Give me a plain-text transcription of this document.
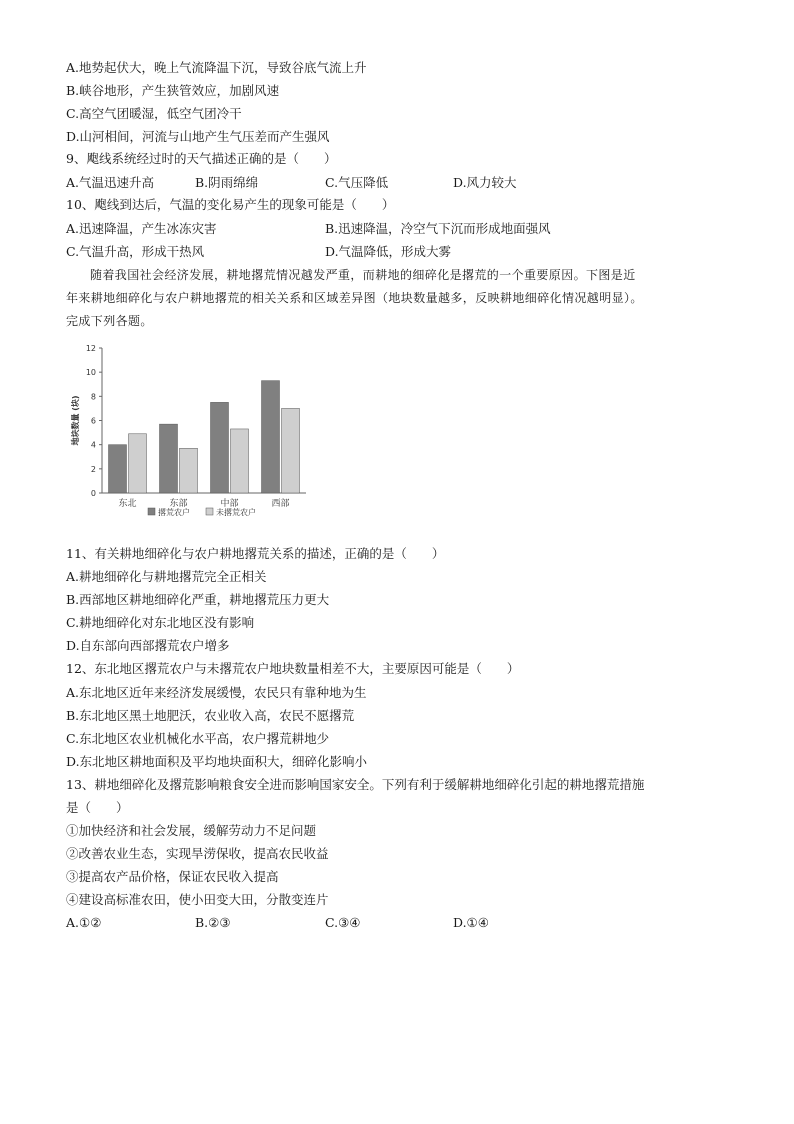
A.地势起伏大，晚上气流降温下沉，导致谷底气流上升
B.峡谷地形，产生狭管效应，加剧风速
C.高空气团暖湿，低空气团冷干
D.山河相间，河流与山地产生气压差而产生强风
9、飑线系统经过时的天气描述正确的是（　　）
A.气温迅速升高	B.阴雨绵绵	C.气压降低	D.风力较大
10、飑线到达后，气温的变化易产生的现象可能是（　　）
A.迅速降温，产生冰冻灾害	B.迅速降温，冷空气下沉而形成地面强风
C.气温升高，形成干热风	D.气温降低，形成大雾

随着我国社会经济发展，耕地撂荒情况越发严重，而耕地的细碎化是撂荒的一个重要原因。下图是近

年来耕地细碎化与农户耕地撂荒的相关关系和区域差异图（地块数量越多，反映耕地细碎化情况越明显）。

完成下列各题。

0
2
4
6
8
10
12
地块数量 (块)
东北	东部	中部	西部
撂荒农户	未撂荒农户
11、有关耕地细碎化与农户耕地撂荒关系的描述，正确的是（　　）
A.耕地细碎化与耕地撂荒完全正相关
B.西部地区耕地细碎化严重，耕地撂荒压力更大
C.耕地细碎化对东北地区没有影响
D.自东部向西部撂荒农户增多
12、东北地区撂荒农户与未撂荒农户地块数量相差不大，主要原因可能是（　　）
A.东北地区近年来经济发展缓慢，农民只有靠种地为生
B.东北地区黑土地肥沃，农业收入高，农民不愿撂荒
C.东北地区农业机械化水平高，农户撂荒耕地少
D.东北地区耕地面积及平均地块面积大，细碎化影响小
13、耕地细碎化及撂荒影响粮食安全进而影响国家安全。下列有利于缓解耕地细碎化引起的耕地撂荒措施
是（　　）
①加快经济和社会发展，缓解劳动力不足问题
②改善农业生态，实现旱涝保收，提高农民收益
③提高农产品价格，保证农民收入提高
④建设高标准农田，使小田变大田，分散变连片
A.①②	B.②③	C.③④	D.①④
